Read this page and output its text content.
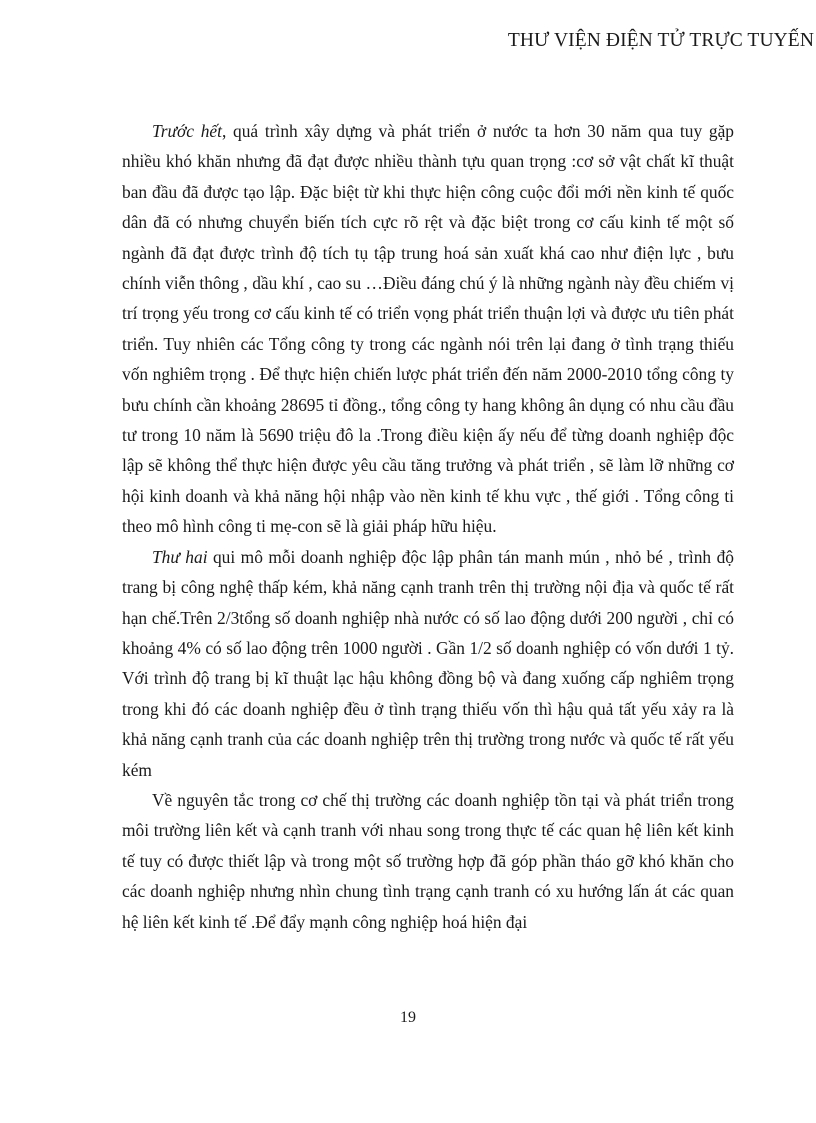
THƯ VIỆN ĐIỆN TỬ TRỰC TUYẾN

Trước hết, quá trình xây dựng và phát triển ở nước ta hơn 30 năm qua tuy gặp nhiều khó khăn nhưng đã đạt được nhiều thành tựu quan trọng :cơ sở vật chất kĩ thuật ban đầu đã được tạo lập. Đặc biệt từ khi thực hiện công cuộc đổi mới nền kinh tế quốc dân đã có nhưng chuyển biến tích cực rõ rệt và đặc biệt trong cơ cấu kinh tế một số ngành đã đạt được trình độ tích tụ tập trung hoá sản xuất khá cao như điện lực , bưu chính viễn thông , dầu khí , cao su …Điều đáng chú ý là những ngành này đều chiếm vị trí trọng yếu trong cơ cấu kinh tế có triển vọng phát triển thuận lợi và được ưu tiên phát triển. Tuy nhiên các Tổng công ty trong các ngành nói trên lại đang ở tình trạng thiếu vốn nghiêm trọng . Để thực hiện chiến lược phát triển đến năm 2000-2010 tổng công ty bưu chính cần khoảng 28695 tỉ đồng., tổng công ty hang không ân dụng có nhu cầu đầu tư trong 10 năm là 5690 triệu đô la .Trong điều kiện ấy nếu để từng doanh nghiệp độc lập sẽ không thể thực hiện được yêu cầu tăng trưởng và phát triển , sẽ làm lỡ những cơ hội kinh doanh và khả năng hội nhập vào nền kinh tế khu vực , thế giới . Tổng công ti theo mô hình công ti mẹ-con sẽ là giải pháp hữu hiệu.

Thư hai qui mô mỗi doanh nghiệp độc lập phân tán manh mún , nhỏ bé , trình độ trang bị công nghệ thấp kém, khả năng cạnh tranh trên thị trường nội địa và quốc tế rất hạn chế.Trên 2/3tổng số doanh nghiệp nhà nước có số lao động dưới 200 người , chỉ có khoảng 4% có số lao động trên 1000 người . Gần 1/2 số doanh nghiệp có vốn dưới 1 tỷ. Với trình độ trang bị kĩ thuật lạc hậu không đồng bộ và đang xuống cấp nghiêm trọng trong khi đó các doanh nghiệp đều ở tình trạng thiếu vốn thì hậu quả tất yếu xảy ra là khả năng cạnh tranh của các doanh nghiệp trên thị trường trong nước và quốc tế rất yếu kém

Về nguyên tắc trong cơ chế thị trường các doanh nghiệp tồn tại và phát triển trong môi trường liên kết và cạnh tranh với nhau song trong thực tế các quan hệ liên kết kinh tế tuy có được thiết lập và trong một số trường hợp đã góp phần tháo gỡ khó khăn cho các doanh nghiệp nhưng nhìn chung tình trạng cạnh tranh có xu hướng lấn át các quan hệ liên kết kinh tế .Để đẩy mạnh công nghiệp hoá hiện đại

19
